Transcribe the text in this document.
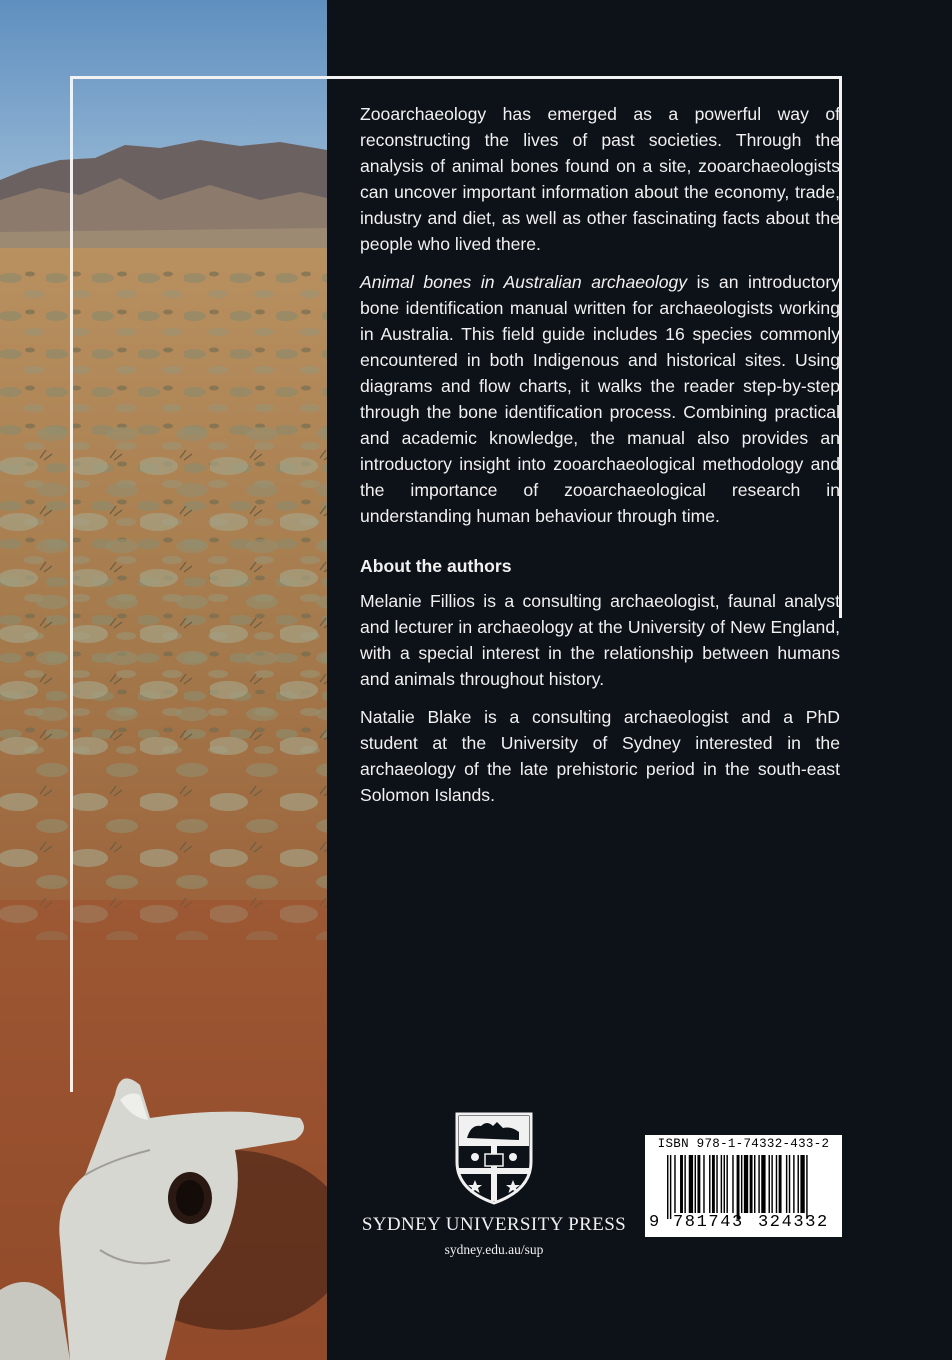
Zooarchaeology has emerged as a powerful way of reconstructing the lives of past societies. Through the analysis of animal bones found on a site, zooarchaeologists can uncover important information about the economy, trade, industry and diet, as well as other fascinating facts about the people who lived there.

Animal bones in Australian archaeology is an introductory bone identification manual written for archaeologists working in Australia. This field guide includes 16 species commonly encountered in both Indigenous and historical sites. Using diagrams and flow charts, it walks the reader step-by-step through the bone identification process. Combining practical and academic knowledge, the manual also provides an introductory insight into zooarchaeological methodology and the importance of zooarchaeological research in understanding human behaviour through time.

About the authors

Melanie Fillios is a consulting archaeologist, faunal analyst and lecturer in archaeology at the University of New England, with a special interest in the relationship between humans and animals throughout history.

Natalie Blake is a consulting archaeologist and a PhD student at the University of Sydney interested in the archaeology of the late prehistoric period in the south-east Solomon Islands.

SYDNEY UNIVERSITY PRESS
sydney.edu.au/sup
ISBN 978-1-74332-433-2
9 781743 324332
